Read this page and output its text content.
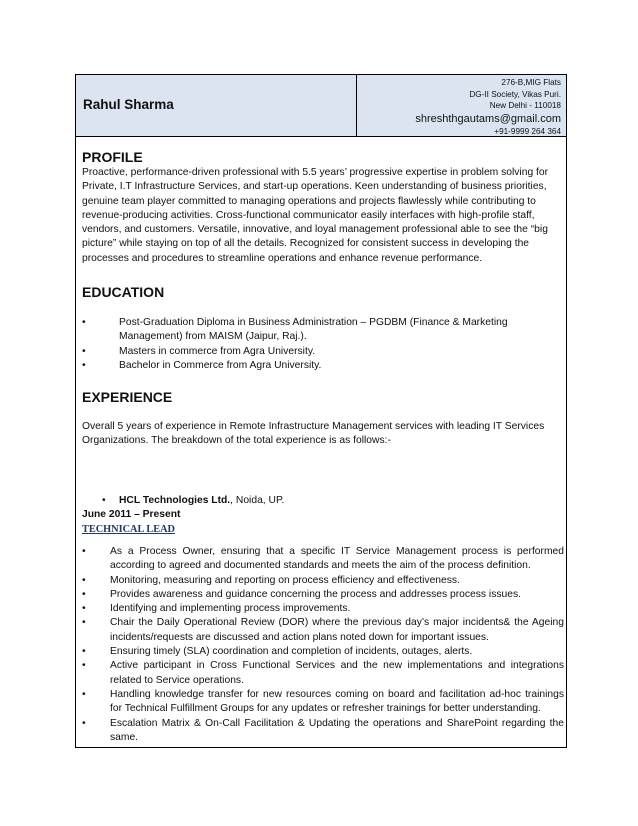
Rahul Sharma
276-B,MIG Flats
DG-II Society, Vikas Puri.
New Delhi - 110018
shreshthgautams@gmail.com
+91-9999 264 364
PROFILE

Proactive, performance-driven professional with 5.5 years’ progressive expertise in problem solving for Private, I.T Infrastructure Services, and start-up operations. Keen understanding of business priorities, genuine team player committed to managing operations and projects flawlessly while contributing to revenue-producing activities. Cross-functional communicator easily interfaces with high-profile staff, vendors, and customers. Versatile, innovative, and loyal management professional able to see the “big picture” while staying on top of all the details. Recognized for consistent success in developing the processes and procedures to streamline operations and enhance revenue performance.

EDUCATION
•	Post-Graduation Diploma in Business Administration – PGDBM (Finance & Marketing Management) from MAISM (Jaipur, Raj.).
•	Masters in commerce from Agra University.
•	Bachelor in Commerce from Agra University.
EXPERIENCE

Overall 5 years of experience in Remote Infrastructure Management services with leading IT Services Organizations. The breakdown of the total experience is as follows:-

• HCL Technologies Ltd., Noida, UP.
June 2011 – Present
TECHNICAL LEAD
• As a Process Owner, ensuring that a specific IT Service Management process is performed according to agreed and documented standards and meets the aim of the process definition.
• Monitoring, measuring and reporting on process efficiency and effectiveness.
• Provides awareness and guidance concerning the process and addresses process issues.
• Identifying and implementing process improvements.
• Chair the Daily Operational Review (DOR) where the previous day’s major incidents& the Ageing incidents/requests are discussed and action plans noted down for important issues.
• Ensuring timely (SLA) coordination and completion of incidents, outages, alerts.
• Active participant in Cross Functional Services and the new implementations and integrations related to Service operations.
• Handling knowledge transfer for new resources coming on board and facilitation ad-hoc trainings for Technical Fulfillment Groups for any updates or refresher trainings for better understanding.
• Escalation Matrix & On-Call Facilitation & Updating the operations and SharePoint regarding the same.
